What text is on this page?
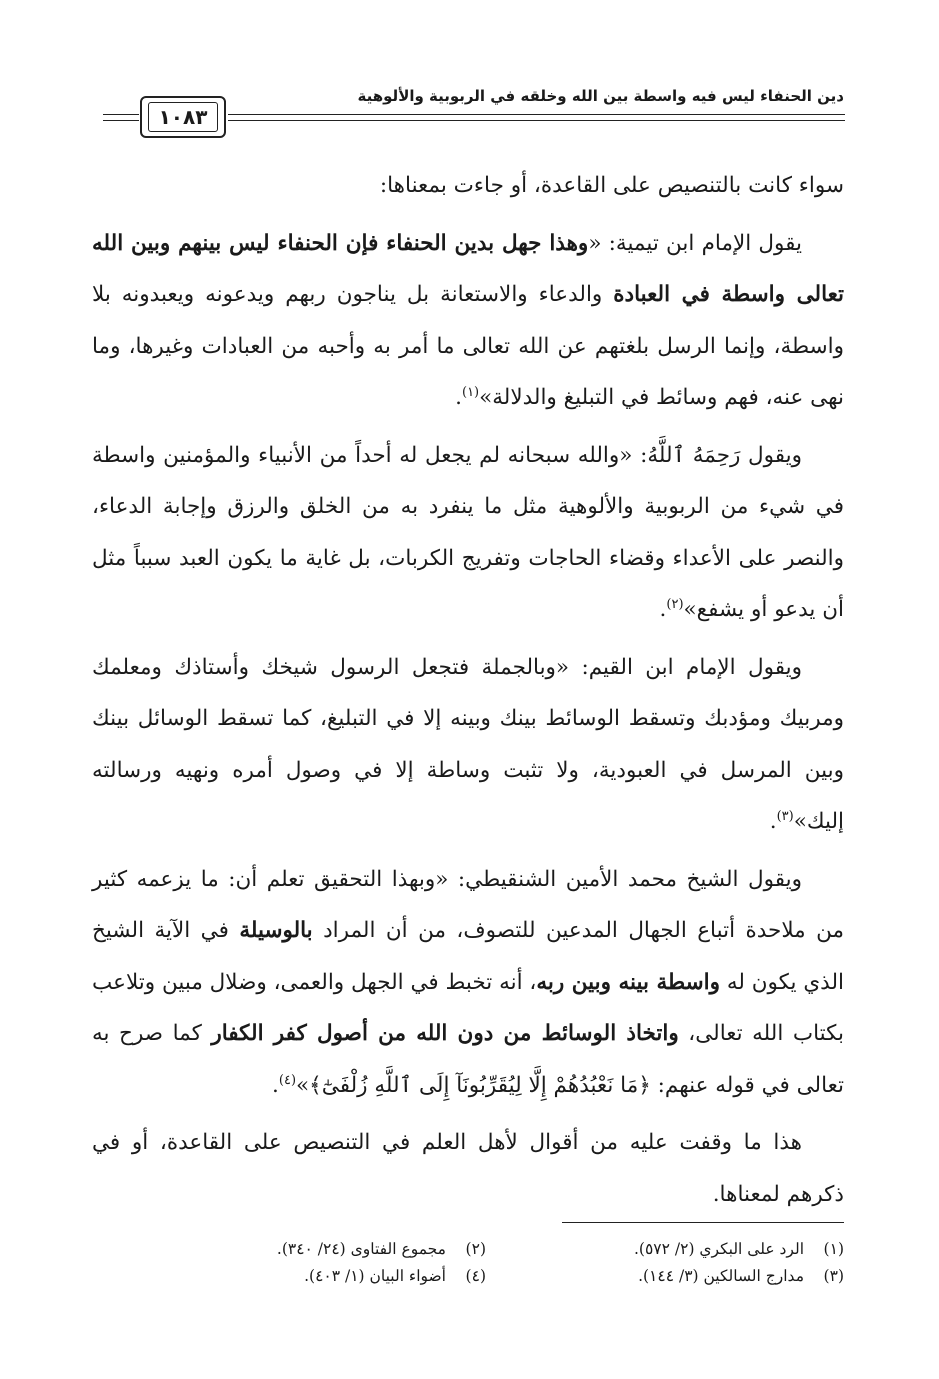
دين الحنفاء ليس فيه واسطة بين الله وخلقه في الربوبية والألوهية
١٠٨٣

سواء كانت بالتنصيص على القاعدة، أو جاءت بمعناها:

يقول الإمام ابن تيمية: «وهذا جهل بدين الحنفاء فإن الحنفاء ليس بينهم وبين الله تعالى واسطة في العبادة والدعاء والاستعانة بل يناجون ربهم ويدعونه ويعبدونه بلا واسطة، وإنما الرسل بلغتهم عن الله تعالى ما أمر به وأحبه من العبادات وغيرها، وما نهى عنه، فهم وسائط في التبليغ والدلالة»$^{(١)}$.

ويقول رَحِمَهُ ٱللَّهُ: «والله سبحانه لم يجعل له أحداً من الأنبياء والمؤمنين واسطة في شيء من الربوبية والألوهية مثل ما ينفرد به من الخلق والرزق وإجابة الدعاء، والنصر على الأعداء وقضاء الحاجات وتفريج الكربات، بل غاية ما يكون العبد سبباً مثل أن يدعو أو يشفع»$^{(٢)}$.

ويقول الإمام ابن القيم: «وبالجملة فتجعل الرسول شيخك وأستاذك ومعلمك ومربيك ومؤدبك وتسقط الوسائط بينك وبينه إلا في التبليغ، كما تسقط الوسائل بينك وبين المرسل في العبودية، ولا تثبت وساطة إلا في وصول أمره ونهيه ورسالته إليك»$^{(٣)}$.

ويقول الشيخ محمد الأمين الشنقيطي: «وبهذا التحقيق تعلم أن: ما يزعمه كثير من ملاحدة أتباع الجهال المدعين للتصوف، من أن المراد بالوسيلة في الآية الشيخ الذي يكون له واسطة بينه وبين ربه، أنه تخبط في الجهل والعمى، وضلال مبين وتلاعب بكتاب الله تعالى، واتخاذ الوسائط من دون الله من أصول كفر الكفار كما صرح به تعالى في قوله عنهم: ﴿مَا نَعْبُدُهُمْ إِلَّا لِيُقَرِّبُونَآ إِلَى ٱللَّهِ زُلْفَىٰٓ﴾»$^{(٤)}$.

هذا ما وقفت عليه من أقوال لأهل العلم في التنصيص على القاعدة، أو في ذكرهم لمعناها.

(١)الرد على البكري (٢/ ٥٧٢).
(٢)مجموع الفتاوى (٢٤/ ٣٤٠).
(٣)مدارج السالكين (٣/ ١٤٤).
(٤)أضواء البيان (١/ ٤٠٣).
